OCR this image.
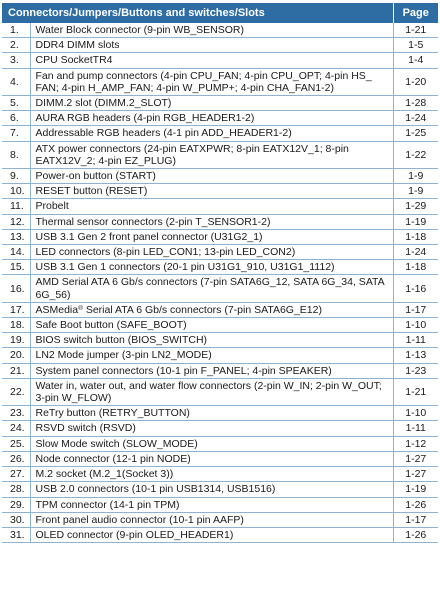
Connectors/Jumpers/Buttons and switches/Slots		Page
1.	Water Block connector (9-pin WB_SENSOR)	1-21
2.	DDR4 DIMM slots	1-5
3.	CPU SocketTR4	1-4
4.	Fan and pump connectors (4-pin CPU_FAN; 4-pin CPU_OPT; 4-pin HS_ FAN; 4-pin H_AMP_FAN; 4-pin W_PUMP+; 4-pin CHA_FAN1-2)	1-20
5.	DIMM.2 slot (DIMM.2_SLOT)	1-28
6.	AURA RGB headers (4-pin RGB_HEADER1-2)	1-24
7.	Addressable RGB headers (4-1 pin ADD_HEADER1-2)	1-25
8.	ATX power connectors (24-pin EATXPWR; 8-pin EATX12V_1; 8-pin EATX12V_2; 4-pin EZ_PLUG)	1-22
9.	Power-on button (START)	1-9
10.	RESET button (RESET)	1-9
11.	Probelt	1-29
12.	Thermal sensor connectors (2-pin T_SENSOR1-2)	1-19
13.	USB 3.1 Gen 2 front panel connector (U31G2_1)	1-18
14.	LED connectors (8-pin LED_CON1; 13-pin LED_CON2)	1-24
15.	USB 3.1 Gen 1 connectors (20-1 pin U31G1_910, U31G1_1112)	1-18
16.	AMD Serial ATA 6 Gb/s connectors (7-pin SATA6G_12, SATA 6G_34, SATA 6G_56)	1-16
17.	ASMedia® Serial ATA 6 Gb/s connectors (7-pin SATA6G_E12)	1-17
18.	Safe Boot button (SAFE_BOOT)	1-10
19.	BIOS switch button (BIOS_SWITCH)	1-11
20.	LN2 Mode jumper (3-pin LN2_MODE)	1-13
21.	System panel connectors (10-1 pin F_PANEL; 4-pin SPEAKER)	1-23
22.	Water in, water out, and water flow connectors (2-pin W_IN; 2-pin W_OUT; 3-pin W_FLOW)	1-21
23.	ReTry button (RETRY_BUTTON)	1-10
24.	RSVD switch (RSVD)	1-11
25.	Slow Mode switch (SLOW_MODE)	1-12
26.	Node connector (12-1 pin NODE)	1-27
27.	M.2 socket (M.2_1(Socket 3))	1-27
28.	USB 2.0 connectors (10-1 pin USB1314, USB1516)	1-19
29.	TPM connector (14-1 pin TPM)	1-26
30.	Front panel audio connector (10-1 pin AAFP)	1-17
31.	OLED connector (9-pin OLED_HEADER1)	1-26
